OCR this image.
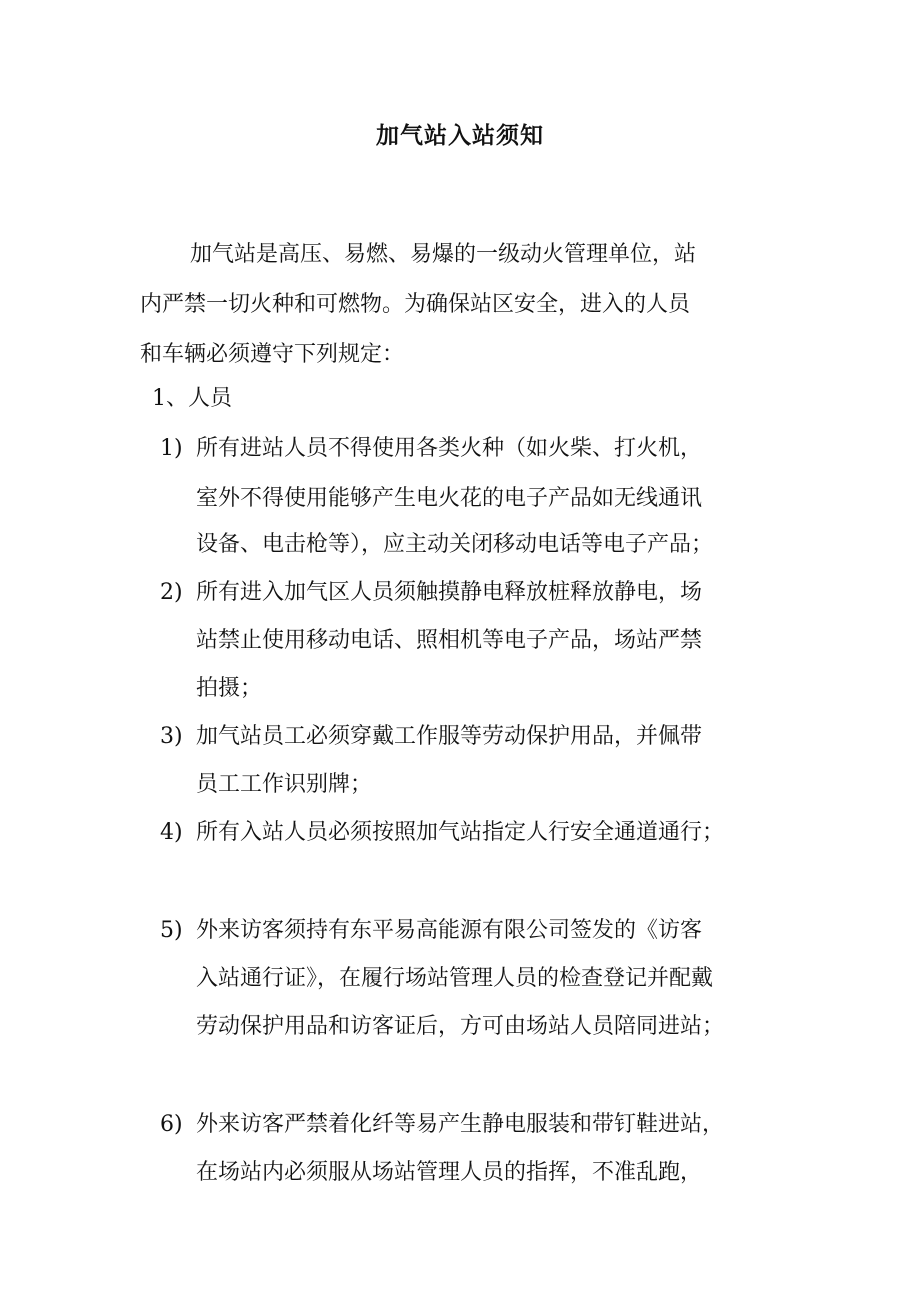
加气站入站须知
加气站是高压、易燃、易爆的一级动火管理单位，站
内严禁一切火种和可燃物。为确保站区安全，进入的人员
和车辆必须遵守下列规定：
1、人员
1) 所有进站人员不得使用各类火种（如火柴、打火机，
室外不得使用能够产生电火花的电子产品如无线通讯
设备、电击枪等），应主动关闭移动电话等电子产品；
2) 所有进入加气区人员须触摸静电释放桩释放静电，场
站禁止使用移动电话、照相机等电子产品，场站严禁
拍摄；
3) 加气站员工必须穿戴工作服等劳动保护用品，并佩带
员工工作识别牌；
4) 所有入站人员必须按照加气站指定人行安全通道通行；
5) 外来访客须持有东平易高能源有限公司签发的《访客
入站通行证》，在履行场站管理人员的检查登记并配戴
劳动保护用品和访客证后，方可由场站人员陪同进站；
6) 外来访客严禁着化纤等易产生静电服装和带钉鞋进站，
在场站内必须服从场站管理人员的指挥，不准乱跑，
